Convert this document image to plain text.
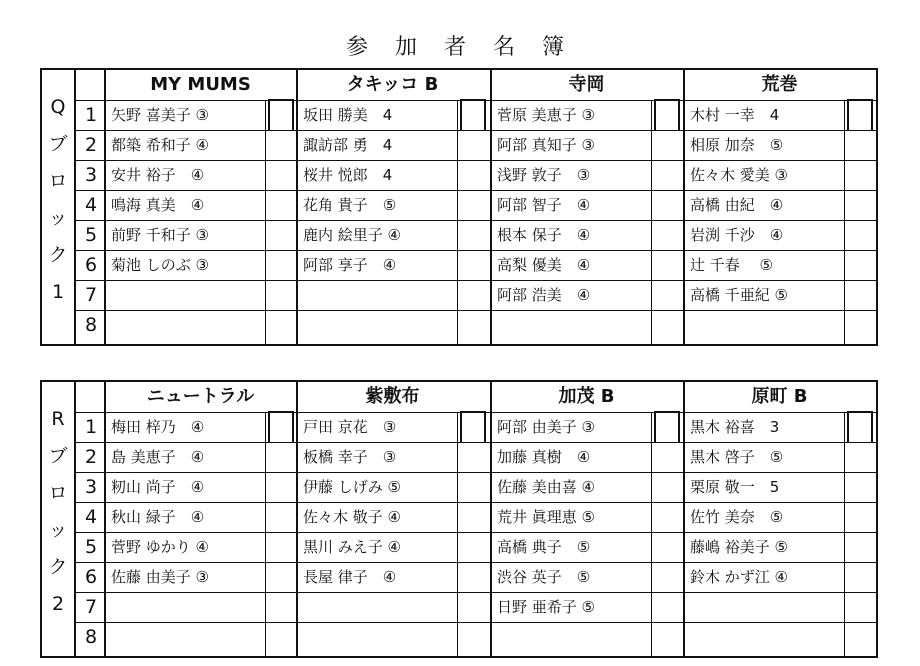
参 加 者 名 簿
Q
ブ
ロ
ッ
ク
1
1
2
3
4
5
6
7
8
MY MUMS
矢野 喜美子 ③
都築 希和子 ④
安井 裕子　④
鳴海 真美　④
前野 千和子 ③
菊池 しのぶ ③
タキッコ B
坂田 勝美　4
諏訪部 勇　4
桜井 悦郎　4
花角 貴子　⑤
鹿内 絵里子 ④
阿部 享子　④
寺岡
菅原 美恵子 ③
阿部 真知子 ③
浅野 敦子　③
阿部 智子　④
根本 保子　④
高梨 優美　④
阿部 浩美　④
荒巻
木村 一幸　4
相原 加奈　⑤
佐々木 愛美 ③
高橋 由紀　④
岩渕 千沙　④
辻 千春　 ⑤
高橋 千亜紀 ⑤
R
ブ
ロ
ッ
ク
2
1
2
3
4
5
6
7
8
ニュートラル
梅田 梓乃　④
島 美恵子　④
籾山 尚子　④
秋山 緑子　④
菅野 ゆかり ④
佐藤 由美子 ③
紫敷布
戸田 京花　③
板橋 幸子　③
伊藤 しげみ ⑤
佐々木 敬子 ④
黒川 みえ子 ④
長屋 律子　④
加茂 B
阿部 由美子 ③
加藤 真樹　④
佐藤 美由喜 ④
荒井 眞理恵 ⑤
高橋 典子　⑤
渋谷 英子　⑤
日野 亜希子 ⑤
原町 B
黒木 裕喜　3
黒木 啓子　⑤
栗原 敬一　5
佐竹 美奈　⑤
藤嶋 裕美子 ⑤
鈴木 かず江 ④
